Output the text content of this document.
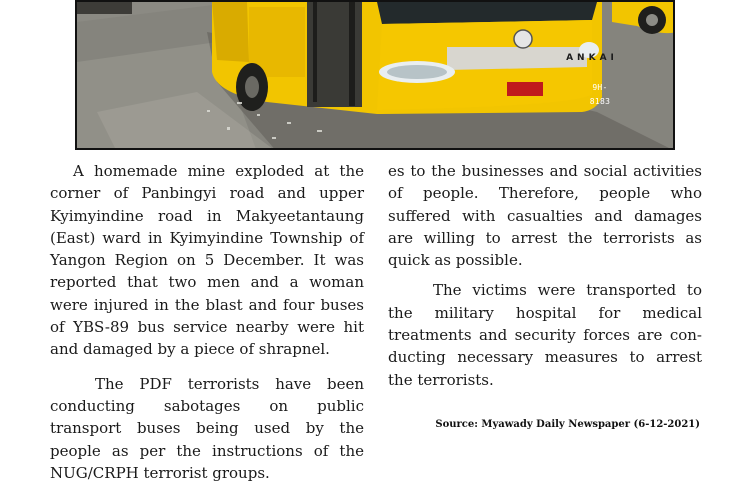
ANKAI
9H-8183

A homemade mine exploded at the corner of Panbingyi road and upper Kyimyindine road in Makyeetantaung (East) ward in Kyimyindine Township of Yangon Region on 5 December. It was reported that two men and a woman were injured in the blast and four buses of YBS-89 bus service nearby were hit and damaged by a piece of shrapnel.

The PDF terrorists have been conducting sabotages on public transport buses being used by the people as per the instructions of the NUG/CRPH terrorist groups.

es to the businesses and social activities of people. Therefore, people who suffered with casualties and damages are willing to arrest the terrorists as quick as possible.

The victims were transported to the military hospital for medical treatments and security forces are con-ducting necessary measures to arrest the terrorists.

Source: Myawady Daily Newspaper (6-12-2021)
